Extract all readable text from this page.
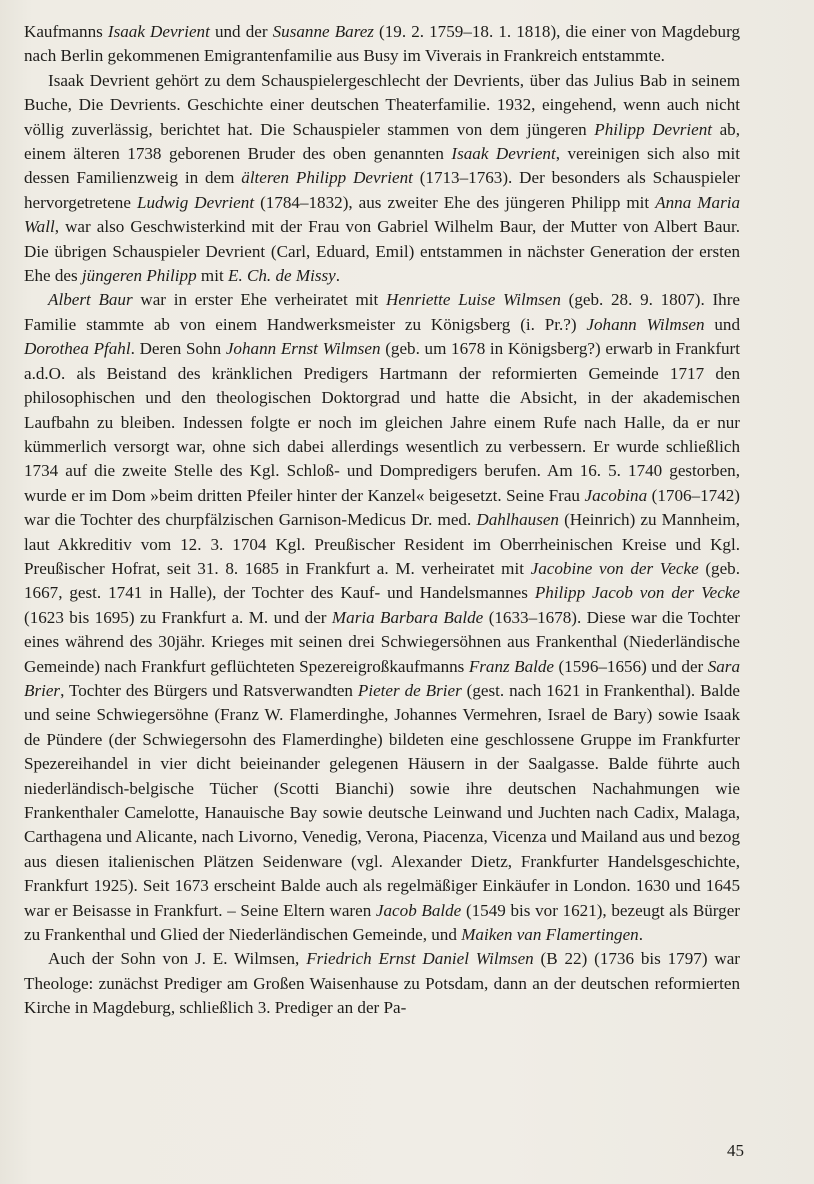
Kaufmanns Isaak Devrient und der Susanne Barez (19. 2. 1759–18. 1. 1818), die einer von Magdeburg nach Berlin gekommenen Emigrantenfamilie aus Busy im Viverais in Frankreich entstammte.

Isaak Devrient gehört zu dem Schauspielergeschlecht der Devrients, über das Julius Bab in seinem Buche, Die Devrients. Geschichte einer deutschen Theaterfamilie. 1932, eingehend, wenn auch nicht völlig zuverlässig, berichtet hat. Die Schauspieler stammen von dem jüngeren Philipp Devrient ab, einem älteren 1738 geborenen Bruder des oben genannten Isaak Devrient, vereinigen sich also mit dessen Familienzweig in dem älteren Philipp Devrient (1713–1763). Der besonders als Schauspieler hervorgetretene Ludwig Devrient (1784–1832), aus zweiter Ehe des jüngeren Philipp mit Anna Maria Wall, war also Geschwisterkind mit der Frau von Gabriel Wilhelm Baur, der Mutter von Albert Baur. Die übrigen Schauspieler Devrient (Carl, Eduard, Emil) entstammen in nächster Generation der ersten Ehe des jüngeren Philipp mit E. Ch. de Missy.

Albert Baur war in erster Ehe verheiratet mit Henriette Luise Wilmsen (geb. 28. 9. 1807). Ihre Familie stammte ab von einem Handwerksmeister zu Königsberg (i. Pr.?) Johann Wilmsen und Dorothea Pfahl. Deren Sohn Johann Ernst Wilmsen (geb. um 1678 in Königsberg?) erwarb in Frankfurt a.d.O. als Beistand des kränklichen Predigers Hartmann der reformierten Gemeinde 1717 den philosophischen und den theologischen Doktorgrad und hatte die Absicht, in der akademischen Laufbahn zu bleiben. Indessen folgte er noch im gleichen Jahre einem Rufe nach Halle, da er nur kümmerlich versorgt war, ohne sich dabei allerdings wesentlich zu verbessern. Er wurde schließlich 1734 auf die zweite Stelle des Kgl. Schloß- und Dompredigers berufen. Am 16. 5. 1740 gestorben, wurde er im Dom »beim dritten Pfeiler hinter der Kanzel« beigesetzt. Seine Frau Jacobina (1706–1742) war die Tochter des churpfälzischen Garnison-Medicus Dr. med. Dahlhausen (Heinrich) zu Mannheim, laut Akkreditiv vom 12. 3. 1704 Kgl. Preußischer Resident im Oberrheinischen Kreise und Kgl. Preußischer Hofrat, seit 31. 8. 1685 in Frankfurt a. M. verheiratet mit Jacobine von der Vecke (geb. 1667, gest. 1741 in Halle), der Tochter des Kauf- und Handelsmannes Philipp Jacob von der Vecke (1623 bis 1695) zu Frankfurt a. M. und der Maria Barbara Balde (1633–1678). Diese war die Tochter eines während des 30jähr. Krieges mit seinen drei Schwiegersöhnen aus Frankenthal (Niederländische Gemeinde) nach Frankfurt geflüchteten Spezereigroßkaufmanns Franz Balde (1596–1656) und der Sara Brier, Tochter des Bürgers und Ratsverwandten Pieter de Brier (gest. nach 1621 in Frankenthal). Balde und seine Schwiegersöhne (Franz W. Flamerdinghe, Johannes Vermehren, Israel de Bary) sowie Isaak de Pündere (der Schwiegersohn des Flamerdinghe) bildeten eine geschlossene Gruppe im Frankfurter Spezereihandel in vier dicht beieinander gelegenen Häusern in der Saalgasse. Balde führte auch niederländisch-belgische Tücher (Scotti Bianchi) sowie ihre deutschen Nachahmungen wie Frankenthaler Camelotte, Hanauische Bay sowie deutsche Leinwand und Juchten nach Cadix, Malaga, Carthagena und Alicante, nach Livorno, Venedig, Verona, Piacenza, Vicenza und Mailand aus und bezog aus diesen italienischen Plätzen Seidenware (vgl. Alexander Dietz, Frankfurter Handelsgeschichte, Frankfurt 1925). Seit 1673 erscheint Balde auch als regelmäßiger Einkäufer in London. 1630 und 1645 war er Beisasse in Frankfurt. – Seine Eltern waren Jacob Balde (1549 bis vor 1621), bezeugt als Bürger zu Frankenthal und Glied der Niederländischen Gemeinde, und Maiken van Flamertingen.

Auch der Sohn von J. E. Wilmsen, Friedrich Ernst Daniel Wilmsen (B 22) (1736 bis 1797) war Theologe: zunächst Prediger am Großen Waisenhause zu Potsdam, dann an der deutschen reformierten Kirche in Magdeburg, schließlich 3. Prediger an der Pa-

45
